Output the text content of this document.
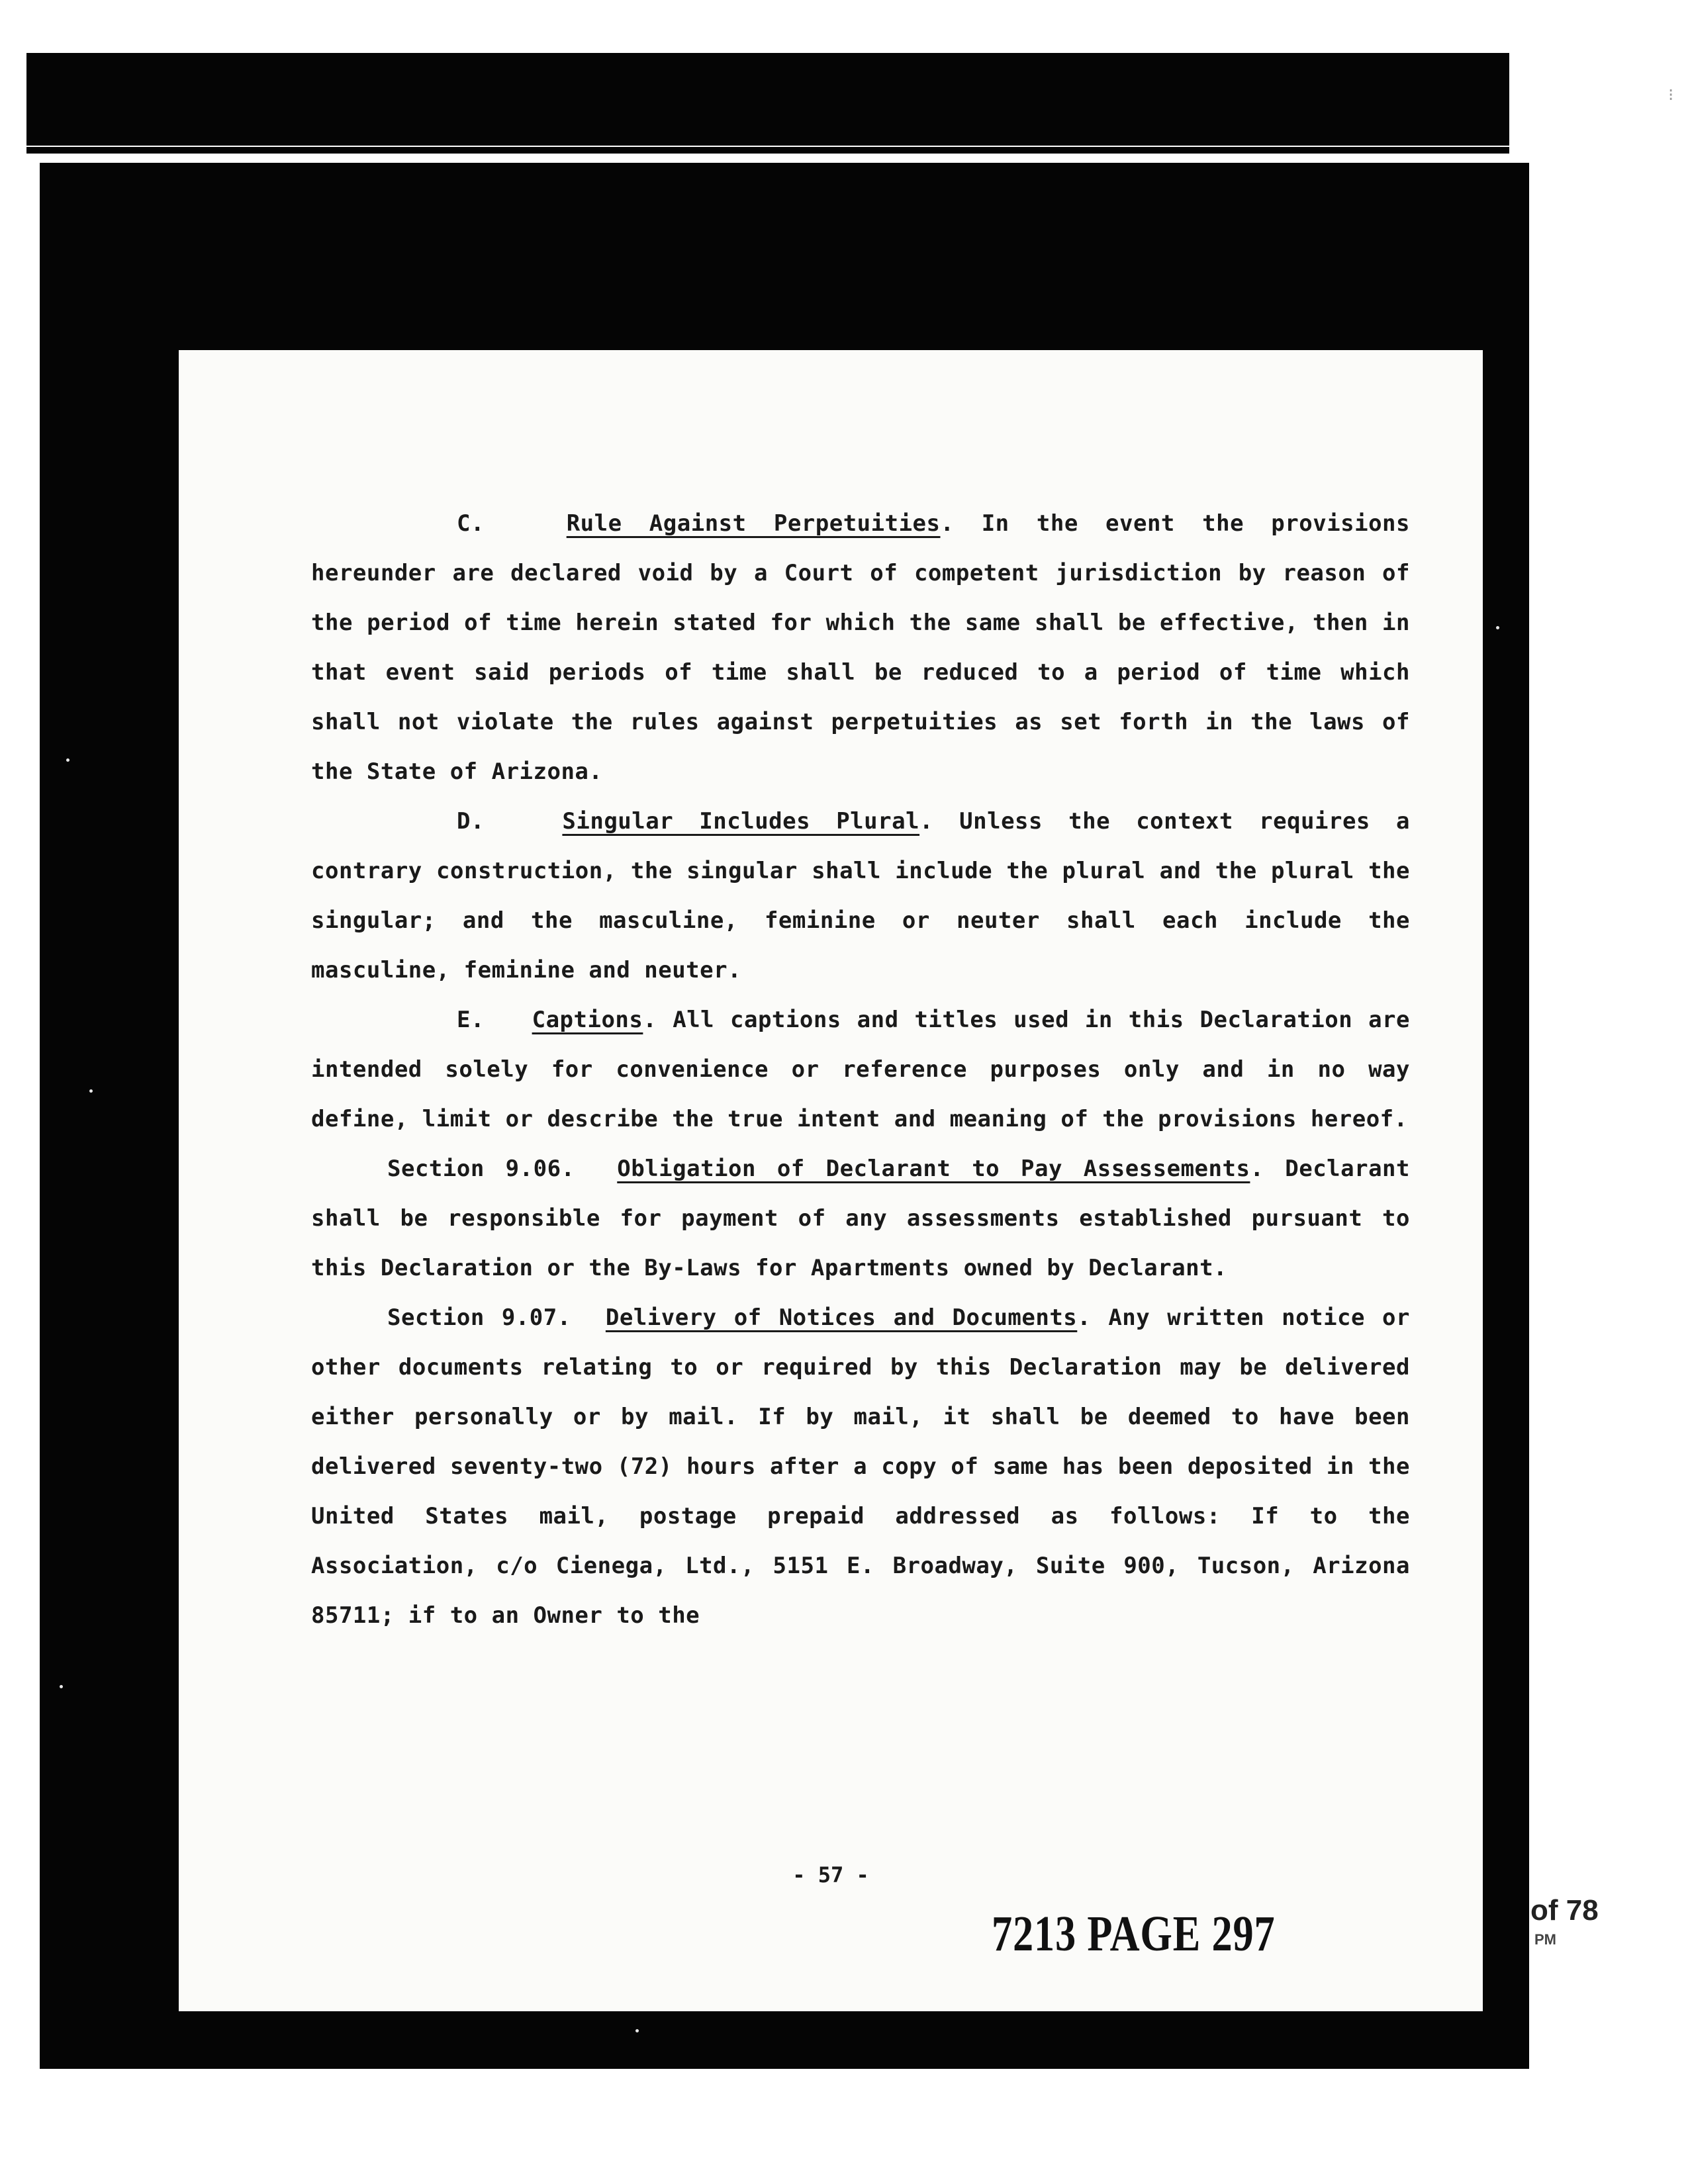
⁝

C.	Rule Against Perpetuities. In the event the provisions hereunder are declared void by a Court of competent jurisdiction by reason of the period of time herein stated for which the same shall be effective, then in that event said periods of time shall be reduced to a period of time which shall not violate the rules against perpetuities as set forth in the laws of the State of Arizona.

D.	Singular Includes Plural. Unless the context requires a contrary construction, the singular shall include the plural and the plural the singular; and the masculine, feminine or neuter shall each include the masculine, feminine and neuter.

E. Captions. All captions and titles used in this Declaration are intended solely for convenience or reference purposes only and in no way define, limit or describe the true intent and meaning of the provisions hereof.

Section 9.06. Obligation of Declarant to Pay Assessements. Declarant shall be responsible for payment of any assessments established pursuant to this Declaration or the By-Laws for Apartments owned by Declarant.

Section 9.07. Delivery of Notices and Documents. Any written notice or other documents relating to or required by this Declaration may be delivered either personally or by mail. If by mail, it shall be deemed to have been delivered seventy-two (72) hours after a copy of same has been deposited in the United States mail, postage prepaid addressed as follows: If to the Association, c/o Cienega, Ltd., 5151 E. Broadway, Suite 900, Tucson, Arizona 85711; if to an Owner to the

- 57 -
7213 PAGE 297	of 78
PM
